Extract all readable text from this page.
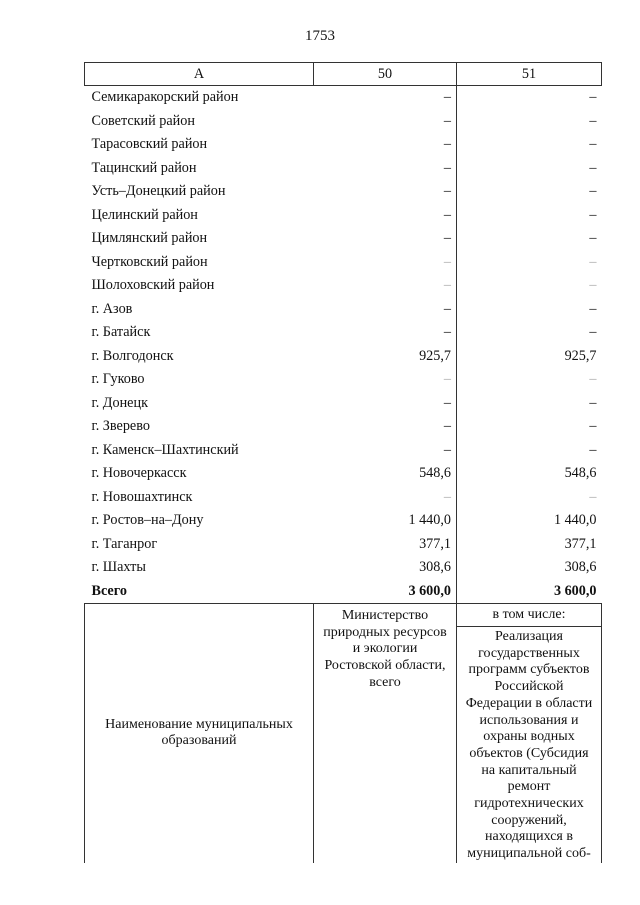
1753
А	50	51
Семикаракорский район	–	–
Советский район	–	–
Тарасовский район	–	–
Тацинский район	–	–
Усть–Донецкий район	–	–
Целинский район	–	–
Цимлянский район	–	–
Чертковский район	–	–
Шолоховский район	–	–
г. Азов	–	–
г. Батайск	–	–
г. Волгодонск	925,7	925,7
г. Гуково	–	–
г. Донецк	–	–
г. Зверево	–	–
г. Каменск–Шахтинский	–	–
г. Новочеркасск	548,6	548,6
г. Новошахтинск	–	–
г. Ростов–на–Дону	1 440,0	1 440,0
г. Таганрог	377,1	377,1
г. Шахты	308,6	308,6
Всего	3 600,0	3 600,0
Наименование муниципальных образований	Министерство природных ресурсов и экологии Ростовской области, всего	в том числе:
Реализация государственных программ субъектов Российской Федерации в области использования и охраны водных объектов (Субсидия на капитальный ремонт гидротехнических сооружений, находящихся в муниципальной соб-
